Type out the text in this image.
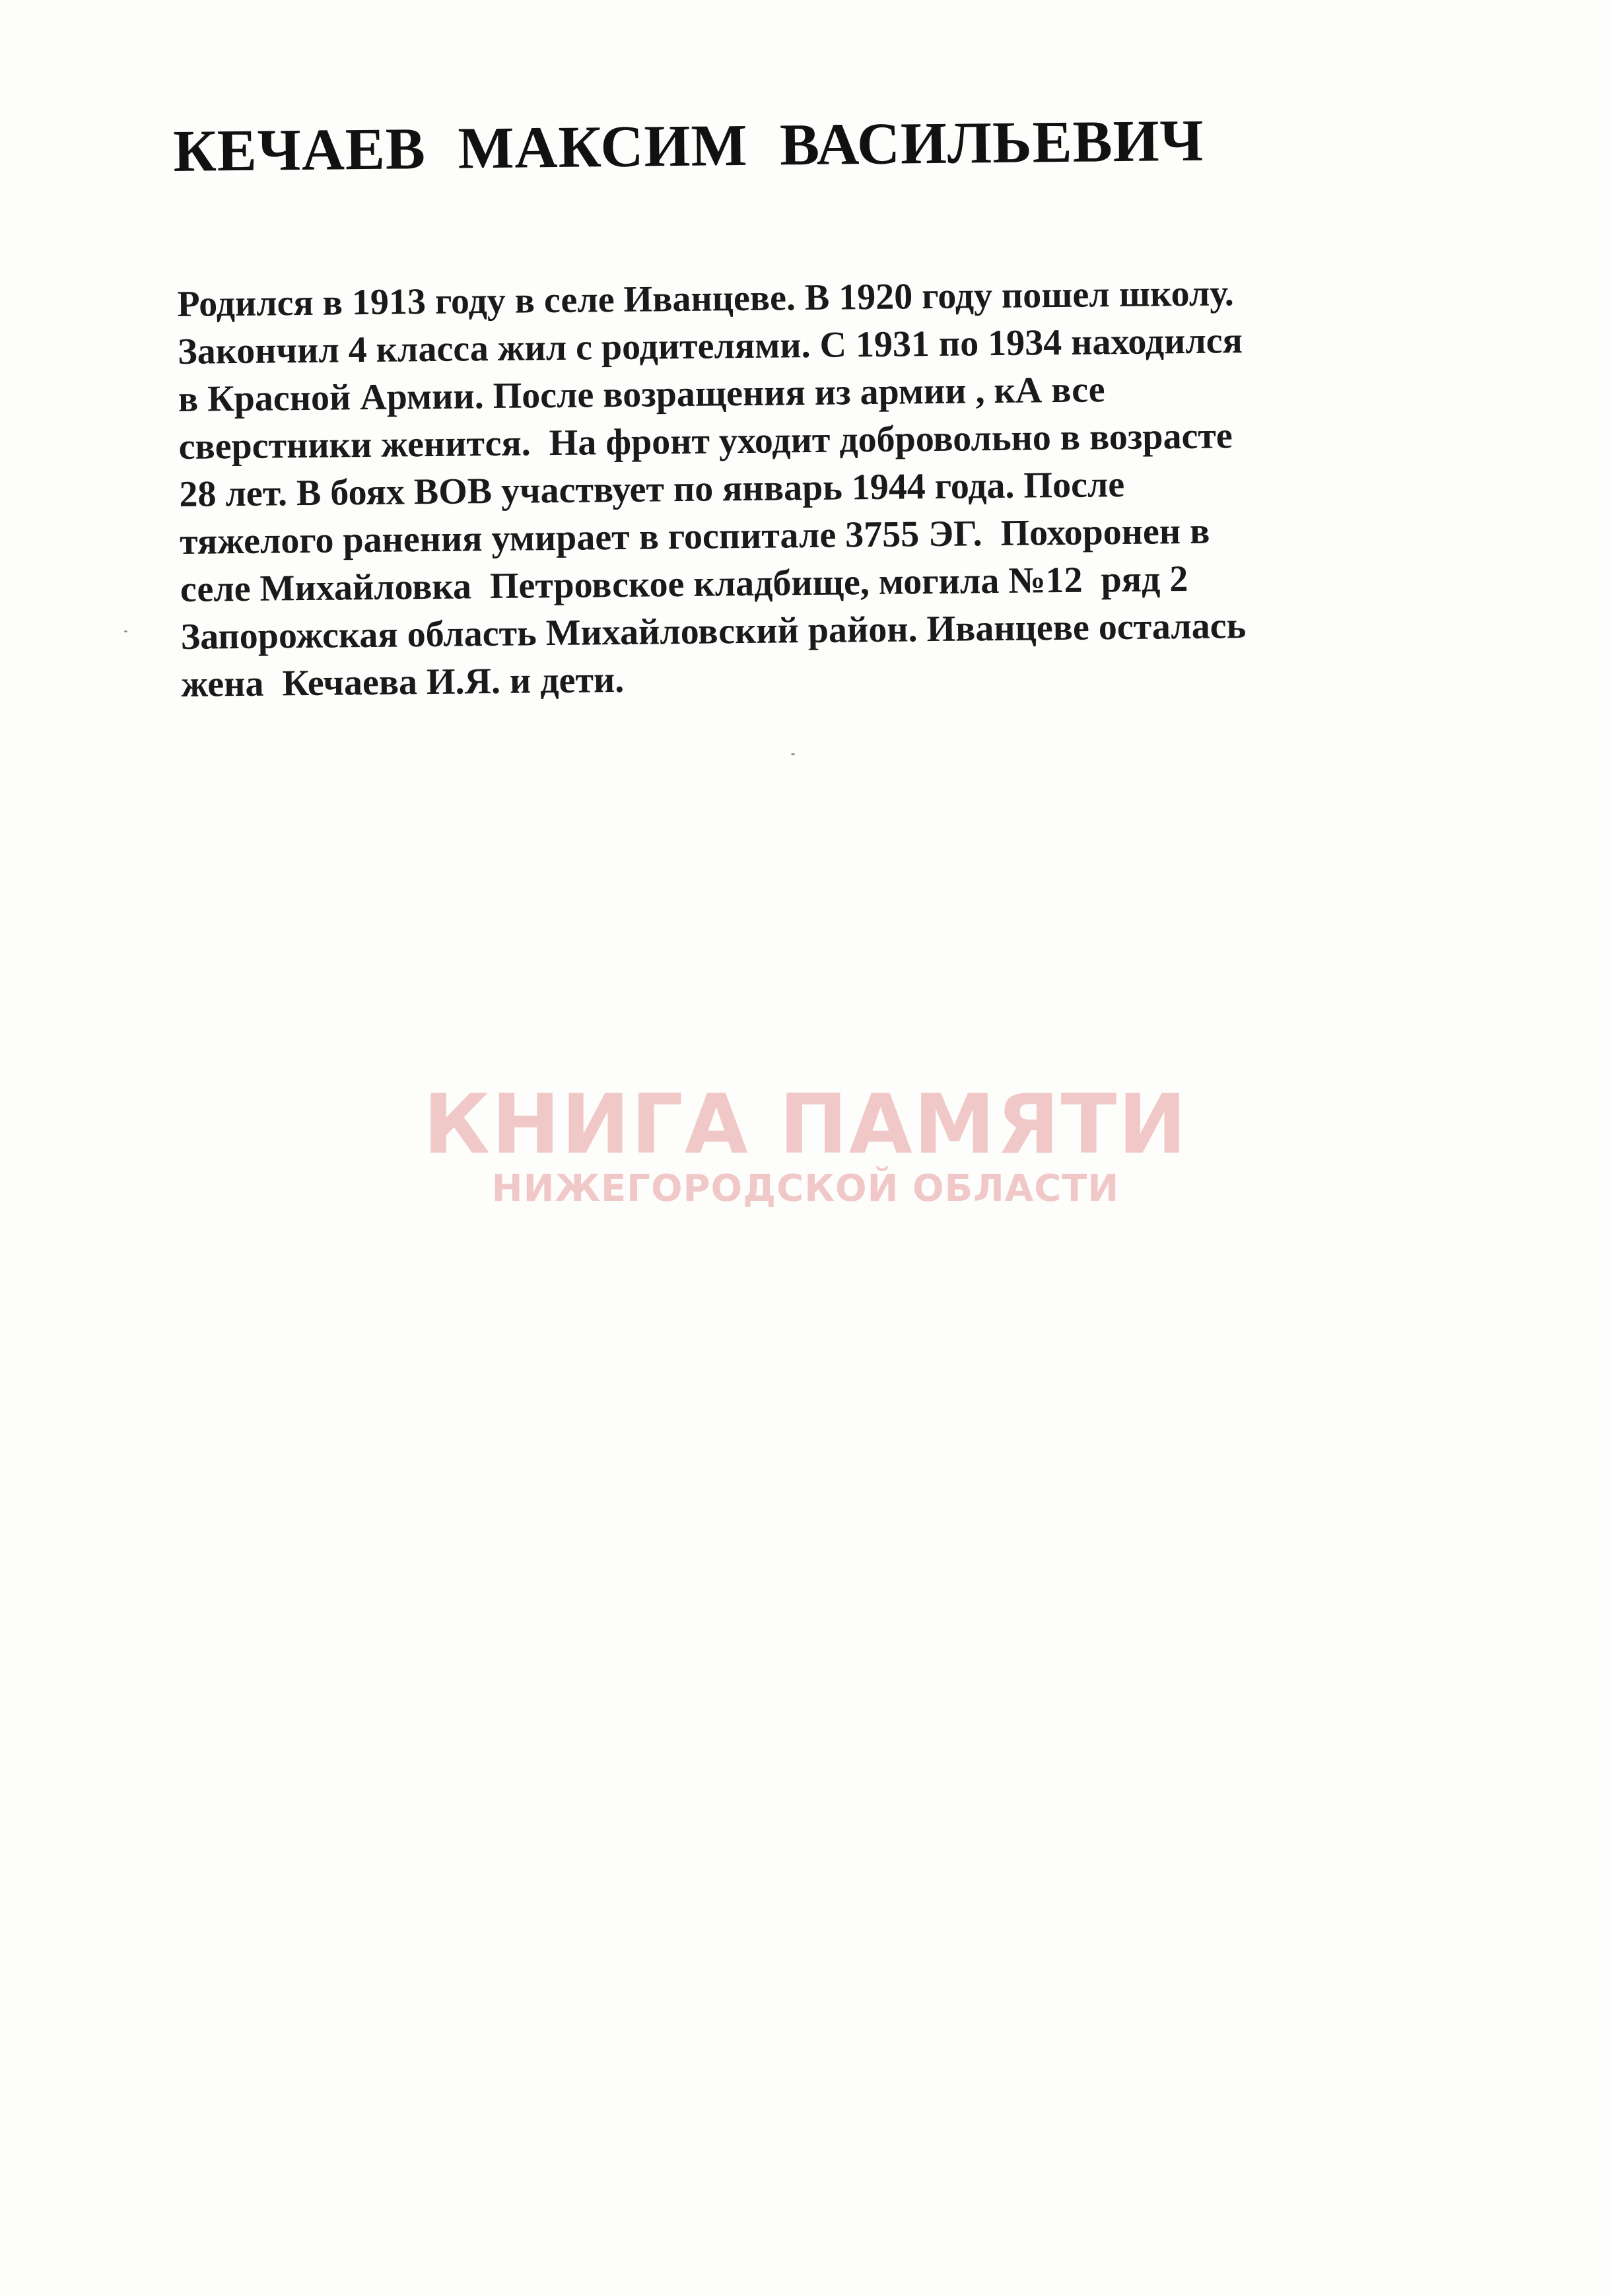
КЕЧАЕВ МАКСИМ ВАСИЛЬЕВИЧ
Родился в 1913 году в селе Иванцеве. В 1920 году пошел школу.
Закончил 4 класса жил с родителями. С 1931 по 1934 находился
в Красной Армии. После возращения из армии , кА все
сверстники женится.  На фронт уходит добровольно в возрасте
28 лет. В боях ВОВ участвует по январь 1944 года. После
тяжелого ранения умирает в госпитале 3755 ЭГ.  Похоронен в
селе Михайловка  Петровское кладбище, могила №12  ряд 2
Запорожская область Михайловский район. Иванцеве осталась
жена  Кечаева И.Я. и дети.
КНИГА ПАМЯТИ
НИЖЕГОРОДСКОЙ ОБЛАСТИ
